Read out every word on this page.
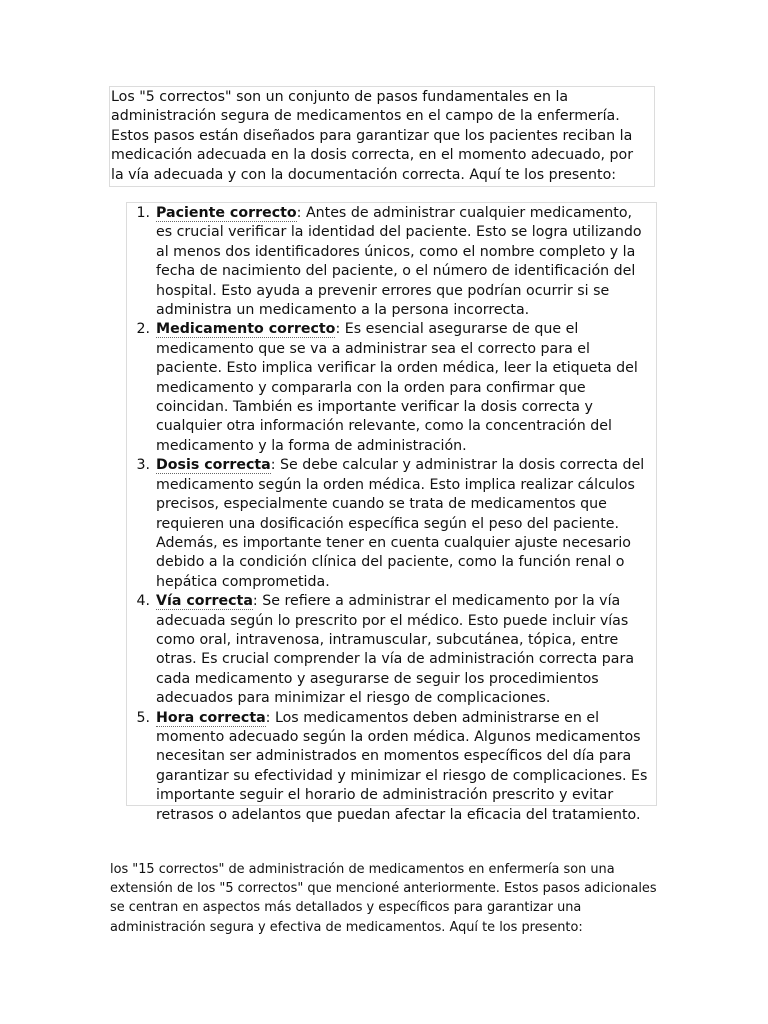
Los "5 correctos" son un conjunto de pasos fundamentales en la administración segura de medicamentos en el campo de la enfermería. Estos pasos están diseñados para garantizar que los pacientes reciban la medicación adecuada en la dosis correcta, en el momento adecuado, por la vía adecuada y con la documentación correcta. Aquí te los presento:
1. Paciente correcto: Antes de administrar cualquier medicamento, es crucial verificar la identidad del paciente. Esto se logra utilizando al menos dos identificadores únicos, como el nombre completo y la fecha de nacimiento del paciente, o el número de identificación del hospital. Esto ayuda a prevenir errores que podrían ocurrir si se administra un medicamento a la persona incorrecta.
2. Medicamento correcto: Es esencial asegurarse de que el medicamento que se va a administrar sea el correcto para el paciente. Esto implica verificar la orden médica, leer la etiqueta del medicamento y compararla con la orden para confirmar que coincidan. También es importante verificar la dosis correcta y cualquier otra información relevante, como la concentración del medicamento y la forma de administración.
3. Dosis correcta: Se debe calcular y administrar la dosis correcta del medicamento según la orden médica. Esto implica realizar cálculos precisos, especialmente cuando se trata de medicamentos que requieren una dosificación específica según el peso del paciente. Además, es importante tener en cuenta cualquier ajuste necesario debido a la condición clínica del paciente, como la función renal o hepática comprometida.
4. Vía correcta: Se refiere a administrar el medicamento por la vía adecuada según lo prescrito por el médico. Esto puede incluir vías como oral, intravenosa, intramuscular, subcutánea, tópica, entre otras. Es crucial comprender la vía de administración correcta para cada medicamento y asegurarse de seguir los procedimientos adecuados para minimizar el riesgo de complicaciones.
5. Hora correcta: Los medicamentos deben administrarse en el momento adecuado según la orden médica. Algunos medicamentos necesitan ser administrados en momentos específicos del día para garantizar su efectividad y minimizar el riesgo de complicaciones. Es importante seguir el horario de administración prescrito y evitar retrasos o adelantos que puedan afectar la eficacia del tratamiento.
los "15 correctos" de administración de medicamentos en enfermería son una extensión de los "5 correctos" que mencioné anteriormente. Estos pasos adicionales se centran en aspectos más detallados y específicos para garantizar una administración segura y efectiva de medicamentos. Aquí te los presento:
